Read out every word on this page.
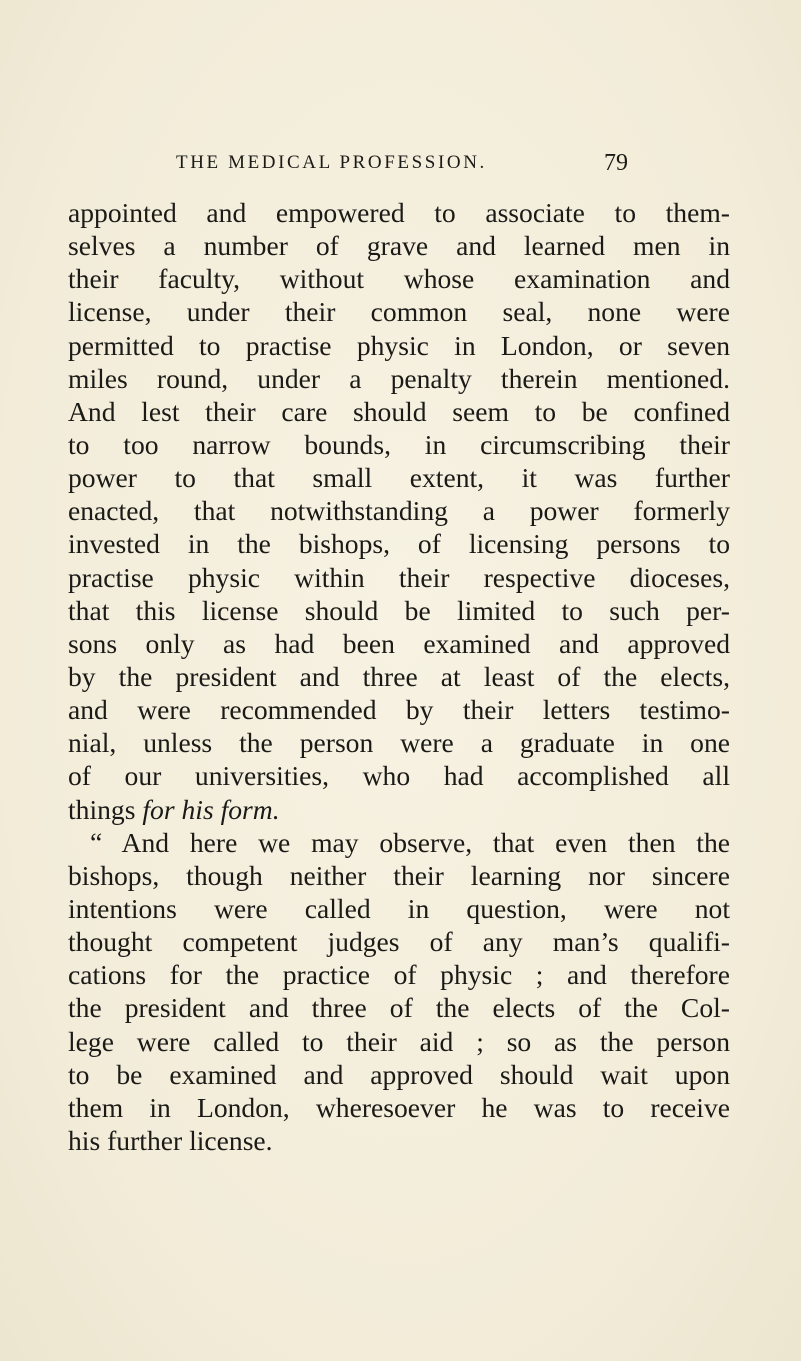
THE MEDICAL PROFESSION.	79
appointed and empowered to associate to them-
selves a number of grave and learned men in
their faculty, without whose examination and
license, under their common seal, none were
permitted to practise physic in London, or seven
miles round, under a penalty therein mentioned.
And lest their care should seem to be confined
to too narrow bounds, in circumscribing their
power to that small extent, it was further
enacted, that notwithstanding a power formerly
invested in the bishops, of licensing persons to
practise physic within their respective dioceses,
that this license should be limited to such per-
sons only as had been examined and approved
by the president and three at least of the elects,
and were recommended by their letters testimo-
nial, unless the person were a graduate in one
of our universities, who had accomplished all
things for his form.
“ And here we may observe, that even then the
bishops, though neither their learning nor sincere
intentions were called in question, were not
thought competent judges of any man’s qualifi-
cations for the practice of physic ; and therefore
the president and three of the elects of the Col-
lege were called to their aid ; so as the person
to be examined and approved should wait upon
them in London, wheresoever he was to receive
his further license.
